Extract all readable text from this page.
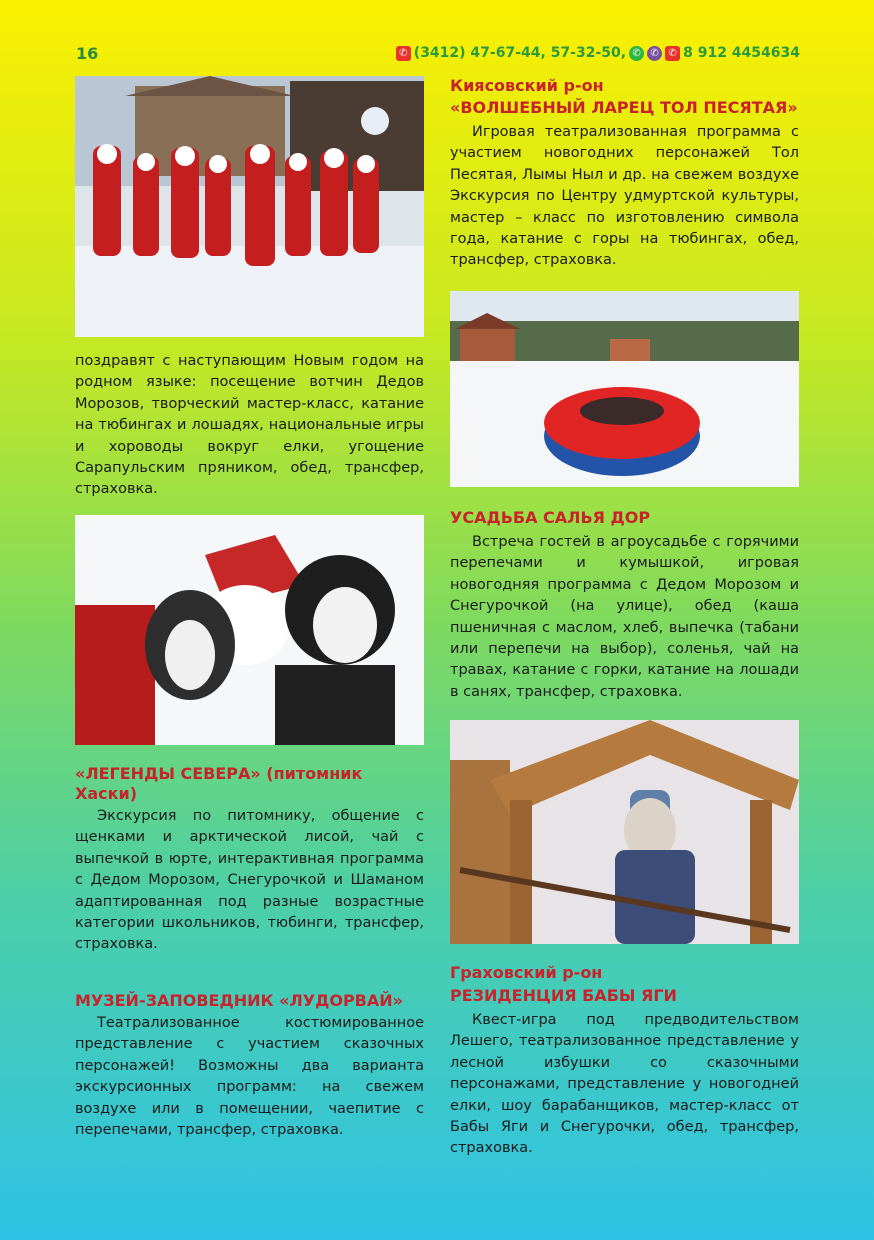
16	✆ (3412) 47-67-44, 57-32-50, ✆ ✆ ✆ 8 912 4454634
поздравят с наступающим Новым годом на родном языке: посещение вотчин Дедов Морозов, творческий мастер-класс, катание на тюбингах и лошадях, национальные игры и хороводы вокруг елки, угощение Сарапульским пряником, обед, трансфер, страховка.
«ЛЕГЕНДЫ СЕВЕРА» (питомник Хаски)
Экскурсия по питомнику, общение с щенками и арктической лисой, чай с выпечкой в юрте, интерактивная программа с Дедом Морозом, Снегурочкой и Шаманом адаптированная под разные возрастные категории школьников, тюбинги, трансфер, страховка.
МУЗЕЙ-ЗАПОВЕДНИК «ЛУДОРВАЙ»
Театрализованное костюмированное представление с участием сказочных персонажей! Возможны два варианта экскурсионных программ: на свежем воздухе или в помещении, чаепитие с перепечами, трансфер, страховка.
Киясовский р-он
«ВОЛШЕБНЫЙ ЛАРЕЦ ТОЛ ПЕСЯТАЯ»
Игровая театрализованная программа с участием новогодних персонажей Тол Песятая, Лымы Ныл и др. на свежем воздухе Экскурсия по Центру удмуртской культуры, мастер – класс по изготовлению символа года, катание с горы на тюбингах, обед, трансфер, страховка.
УСАДЬБА САЛЬЯ ДОР
Встреча гостей в агроусадьбе с горячими перепечами и кумышкой, игровая новогодняя программа с Дедом Морозом и Снегурочкой (на улице), обед (каша пшеничная с маслом, хлеб, выпечка (табани или перепечи на выбор), соленья, чай на травах, катание с горки, катание на лошади в санях, трансфер, страховка.
Граховский р-он
РЕЗИДЕНЦИЯ БАБЫ ЯГИ
Квест-игра под предводительством Лешего, театрализованное представление у лесной избушки со сказочными персонажами, представление у новогодней елки, шоу барабанщиков, мастер-класс от Бабы Яги и Снегурочки, обед, трансфер, страховка.
